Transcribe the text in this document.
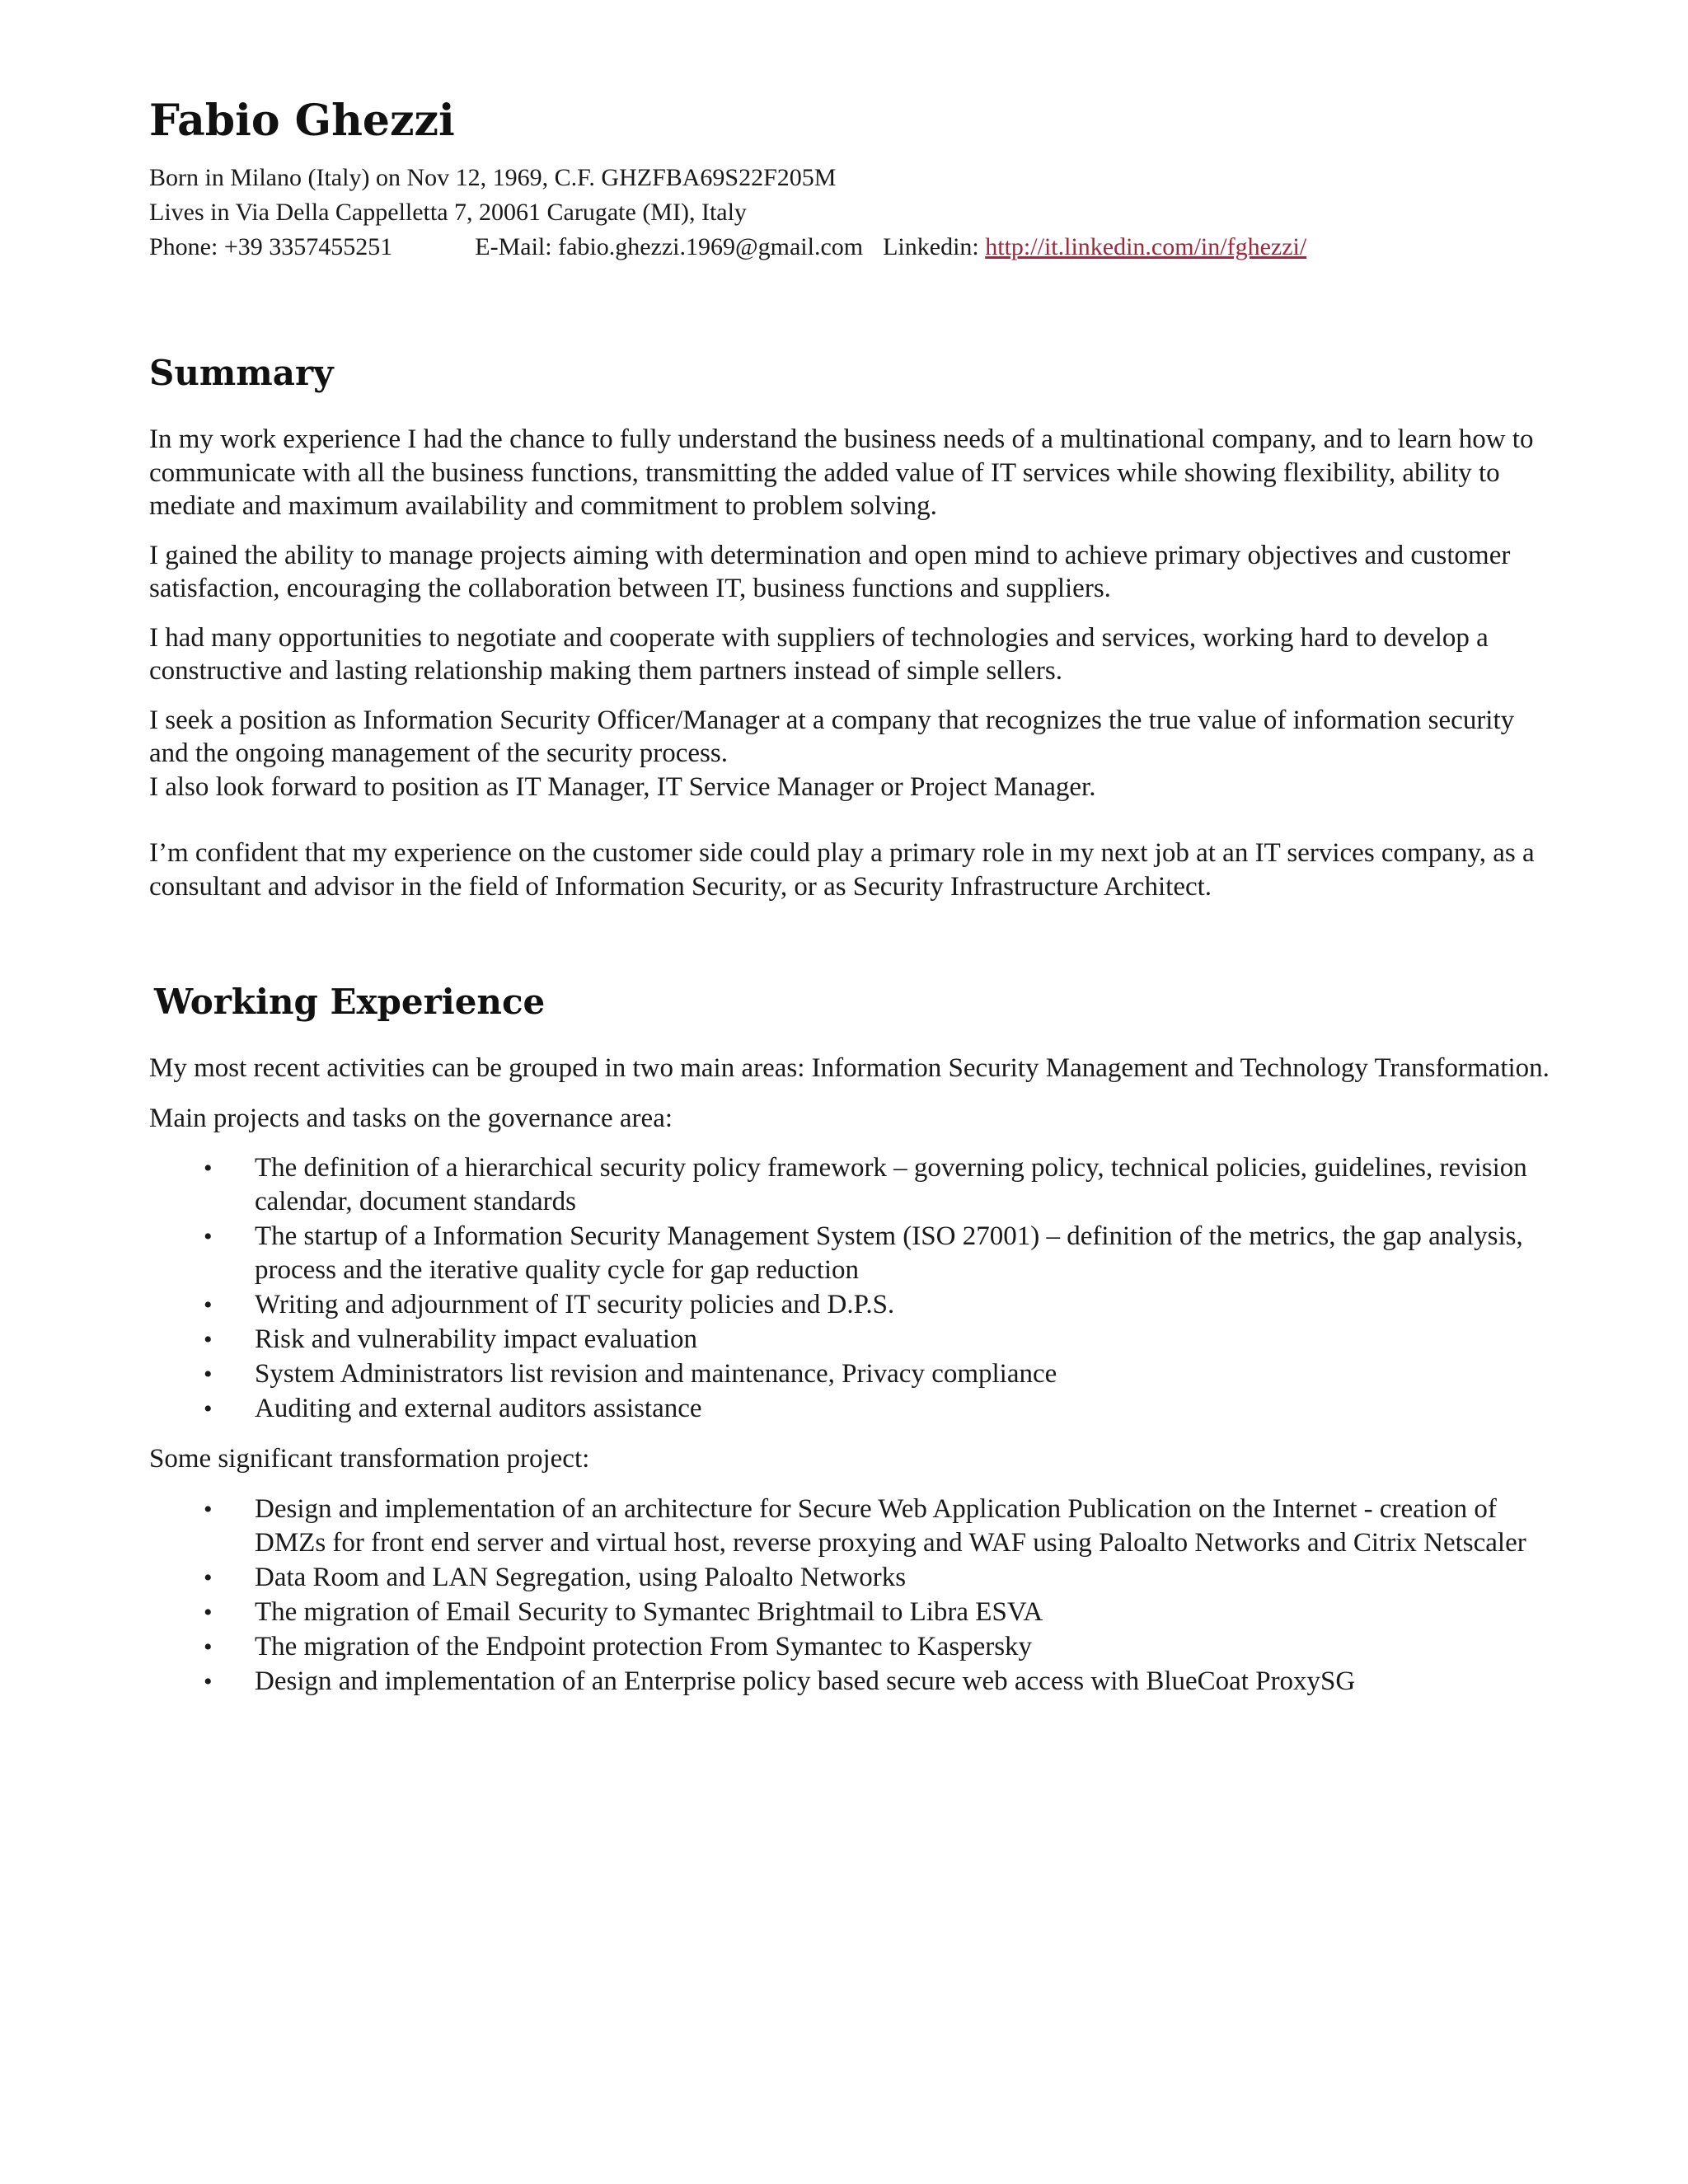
Fabio Ghezzi

Born in Milano (Italy) on Nov 12, 1969, C.F. GHZFBA69S22F205M

Lives in Via Della Cappelletta 7, 20061 Carugate (MI), Italy

Phone: +39 3357455251	E-Mail: fabio.ghezzi.1969@gmail.com Linkedin: http://it.linkedin.com/in/fghezzi/

Summary

In my work experience I had the chance to fully understand the business needs of a multinational company, and to learn how to communicate with all the business functions, transmitting the added value of IT services while showing flexibility, ability to mediate and maximum availability and commitment to problem solving.

I gained the ability to manage projects aiming with determination and open mind to achieve primary objectives and customer satisfaction, encouraging the collaboration between IT, business functions and suppliers.

I had many opportunities to negotiate and cooperate with suppliers of technologies and services, working hard to develop a constructive and lasting relationship making them partners instead of simple sellers.

I seek a position as Information Security Officer/Manager at a company that recognizes the true value of information security and the ongoing management of the security process.

I also look forward to position as IT Manager, IT Service Manager or Project Manager.

I’m confident that my experience on the customer side could play a primary role in my next job at an IT services company, as a consultant and advisor in the field of Information Security, or as Security Infrastructure Architect.

Working Experience

My most recent activities can be grouped in two main areas: Information Security Management and Technology Transformation.

Main projects and tasks on the governance area:

• The definition of a hierarchical security policy framework – governing policy, technical policies, guidelines, revision calendar, document standards
• The startup of a Information Security Management System (ISO 27001) – definition of the metrics, the gap analysis, process and the iterative quality cycle for gap reduction
• Writing and adjournment of IT security policies and D.P.S.
• Risk and vulnerability impact evaluation
• System Administrators list revision and maintenance, Privacy compliance
• Auditing and external auditors assistance

Some significant transformation project:

• Design and implementation of an architecture for Secure Web Application Publication on the Internet - creation of DMZs for front end server and virtual host, reverse proxying and WAF using Paloalto Networks and Citrix Netscaler
• Data Room and LAN Segregation, using Paloalto Networks
• The migration of Email Security to Symantec Brightmail to Libra ESVA
• The migration of the Endpoint protection From Symantec to Kaspersky
• Design and implementation of an Enterprise policy based secure web access with BlueCoat ProxySG
